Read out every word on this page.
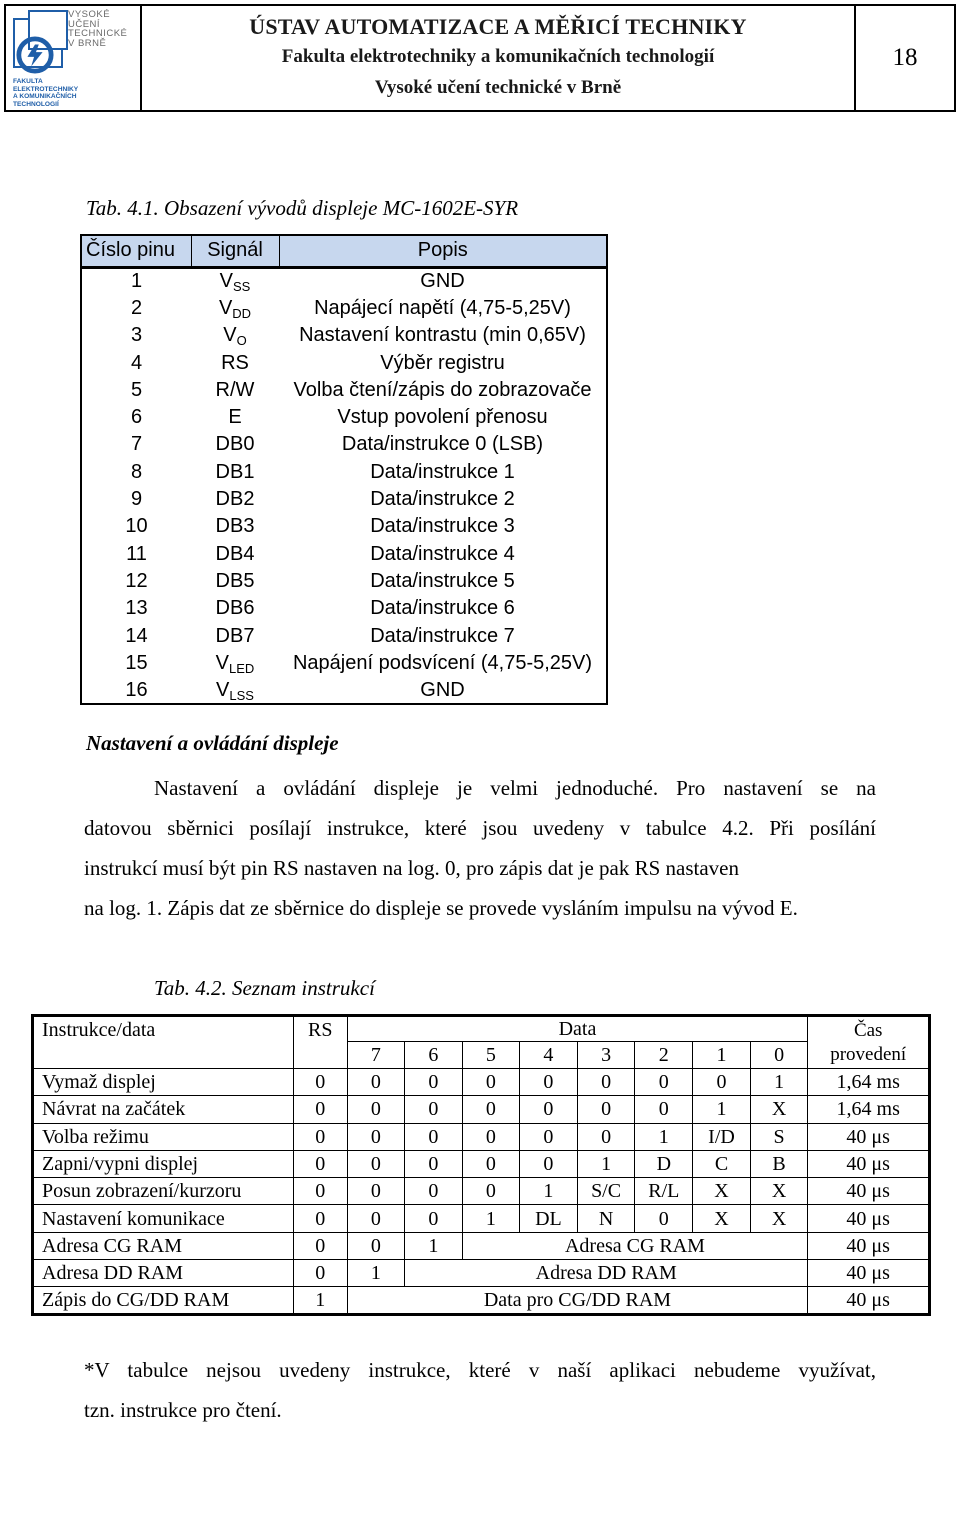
VYSOKÉ
UČENÍ
TECHNICKÉ
V BRNĚ
FAKULTA
ELEKTROTECHNIKY
A KOMUNIKAČNÍCH
TECHNOLOGIÍ
ÚSTAV AUTOMATIZACE A MĚŘICÍ TECHNIKY
Fakulta elektrotechniky a komunikačních technologií
Vysoké učení technické v Brně
18
Tab. 4.1. Obsazení vývodů displeje MC-1602E-SYR
Číslo pinu	Signál	Popis
1	$V_{SS}$	GND
2	$V_{DD}$	Napájecí napětí (4,75-5,25V)
3	$V_O$	Nastavení kontrastu (min 0,65V)
4	RS	Výběr registru
5	R/W	Volba čtení/zápis do zobrazovače
6	E	Vstup povolení přenosu
7	DB0	Data/instrukce 0 (LSB)
8	DB1	Data/instrukce 1
9	DB2	Data/instrukce 2
10	DB3	Data/instrukce 3
11	DB4	Data/instrukce 4
12	DB5	Data/instrukce 5
13	DB6	Data/instrukce 6
14	DB7	Data/instrukce 7
15	$V_{LED}$	Napájení podsvícení (4,75-5,25V)
16	$V_{LSS}$	GND
Nastavení a ovládání displeje
Nastavení a ovládání displeje je velmi jednoduché. Pro nastavení se na
datovou sběrnici posílají instrukce, které jsou uvedeny v tabulce 4.2. Při posílání
instrukcí musí být pin RS nastaven na log. 0, pro zápis dat je pak RS nastaven
na log. 1. Zápis dat ze sběrnice do displeje se provede vysláním impulsu na vývod E.
Tab. 4.2. Seznam instrukcí
Instrukce/data	RS	Data								Čas
provedení

		7	6	5	4	3	2	1	0	
Vymaž displej	0	0	0	0	0	0	0	0	1	1,64 ms
Návrat na začátek	0	0	0	0	0	0	0	1	X	1,64 ms
Volba režimu	0	0	0	0	0	0	1	I/D	S	40 μs
Zapni/vypni displej	0	0	0	0	0	1	D	C	B	40 μs
Posun zobrazení/kurzoru	0	0	0	0	1	S/C	R/L	X	X	40 μs
Nastavení komunikace	0	0	0	1	DL	N	0	X	X	40 μs
Adresa CG RAM	0	0	1	Adresa CG RAM						40 μs
Adresa DD RAM	0	1	Adresa DD RAM							40 μs
Zápis do CG/DD RAM	1	Data pro CG/DD RAM								40 μs
*V tabulce nejsou uvedeny instrukce, které v naší aplikaci nebudeme využívat,
tzn. instrukce pro čtení.
